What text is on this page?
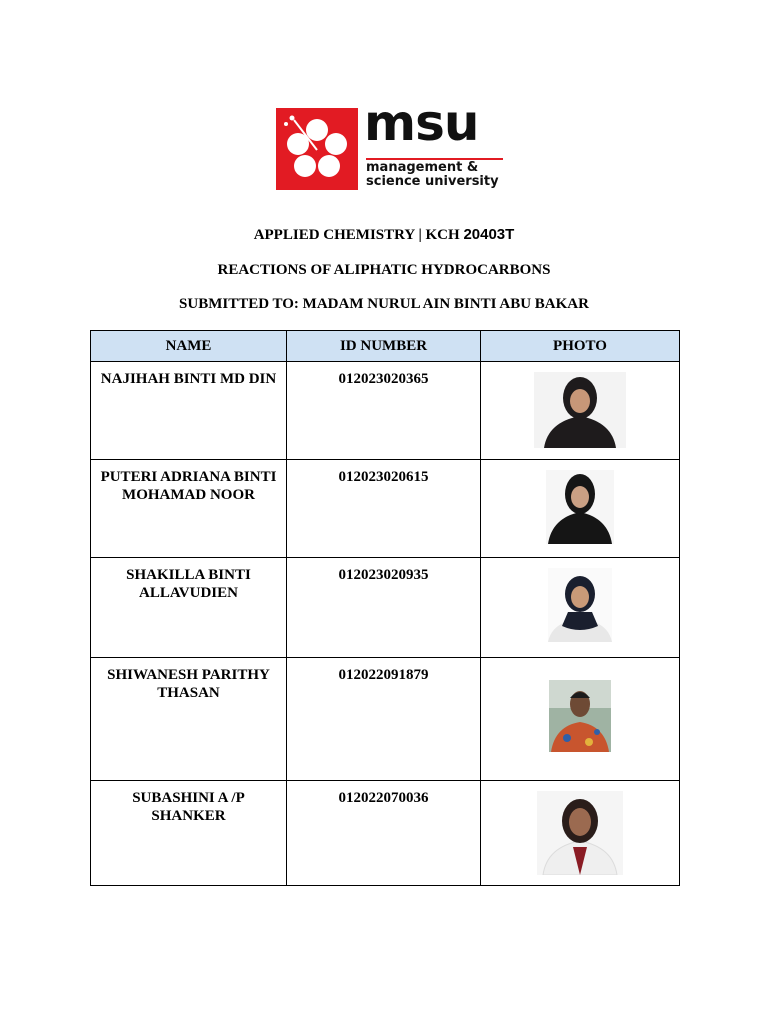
msu
management &
science university
APPLIED CHEMISTRY | KCH 20403T
REACTIONS OF ALIPHATIC HYDROCARBONS
SUBMITTED TO: MADAM NURUL AIN BINTI ABU BAKAR
NAME	ID NUMBER	PHOTO
NAJIHAH BINTI MD DIN	012023020365	

PUTERI ADRIANA BINTI MOHAMAD NOOR	012023020615	

SHAKILLA BINTI ALLAVUDIEN	012023020935	

SHIWANESH PARITHY THASAN	012022091879	

SUBASHINI A /P SHANKER	012022070036	
